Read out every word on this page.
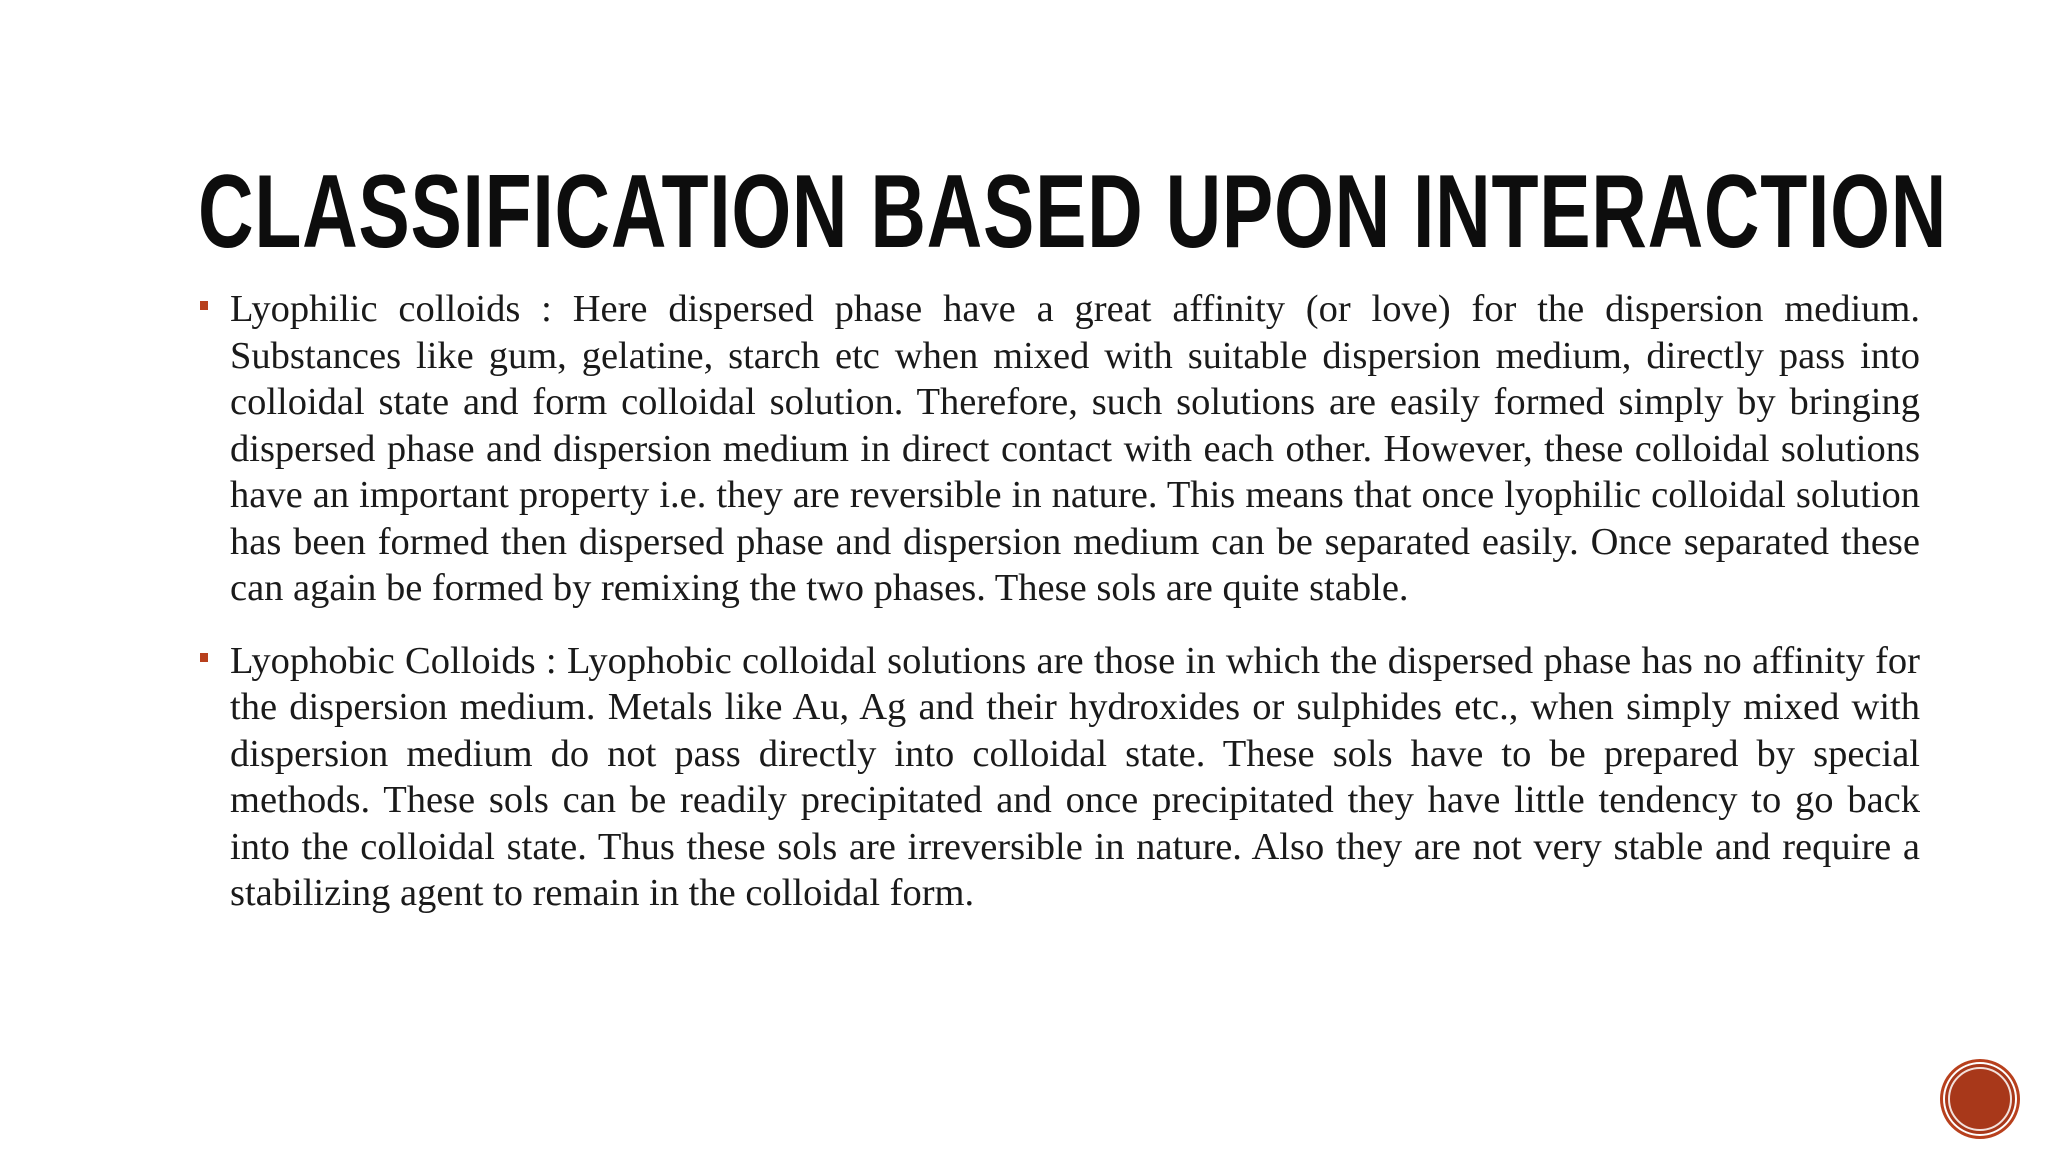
CLASSIFICATION BASED UPON INTERACTION
Lyophilic colloids : Here dispersed phase have a great affinity (or love) for the dispersion medium. Substances like gum, gelatine, starch etc when mixed with suitable dispersion medium, directly pass into colloidal state and form colloidal solution. Therefore, such solutions are easily formed simply by bringing dispersed phase and dispersion medium in direct contact with each other. However, these colloidal solutions have an important property i.e. they are reversible in nature. This means that once lyophilic colloidal solution has been formed then dispersed phase and dispersion medium can be separated easily. Once separated these can again be formed by remixing the two phases. These sols are quite stable.
Lyophobic Colloids : Lyophobic colloidal solutions are those in which the dispersed phase has no affinity for the dispersion medium. Metals like Au, Ag and their hydroxides or sulphides etc., when simply mixed with dispersion medium do not pass directly into colloidal state. These sols have to be prepared by special methods. These sols can be readily precipitated and once precipitated they have little tendency to go back into the colloidal state. Thus these sols are irreversible in nature. Also they are not very stable and require a stabilizing agent to remain in the colloidal form.
